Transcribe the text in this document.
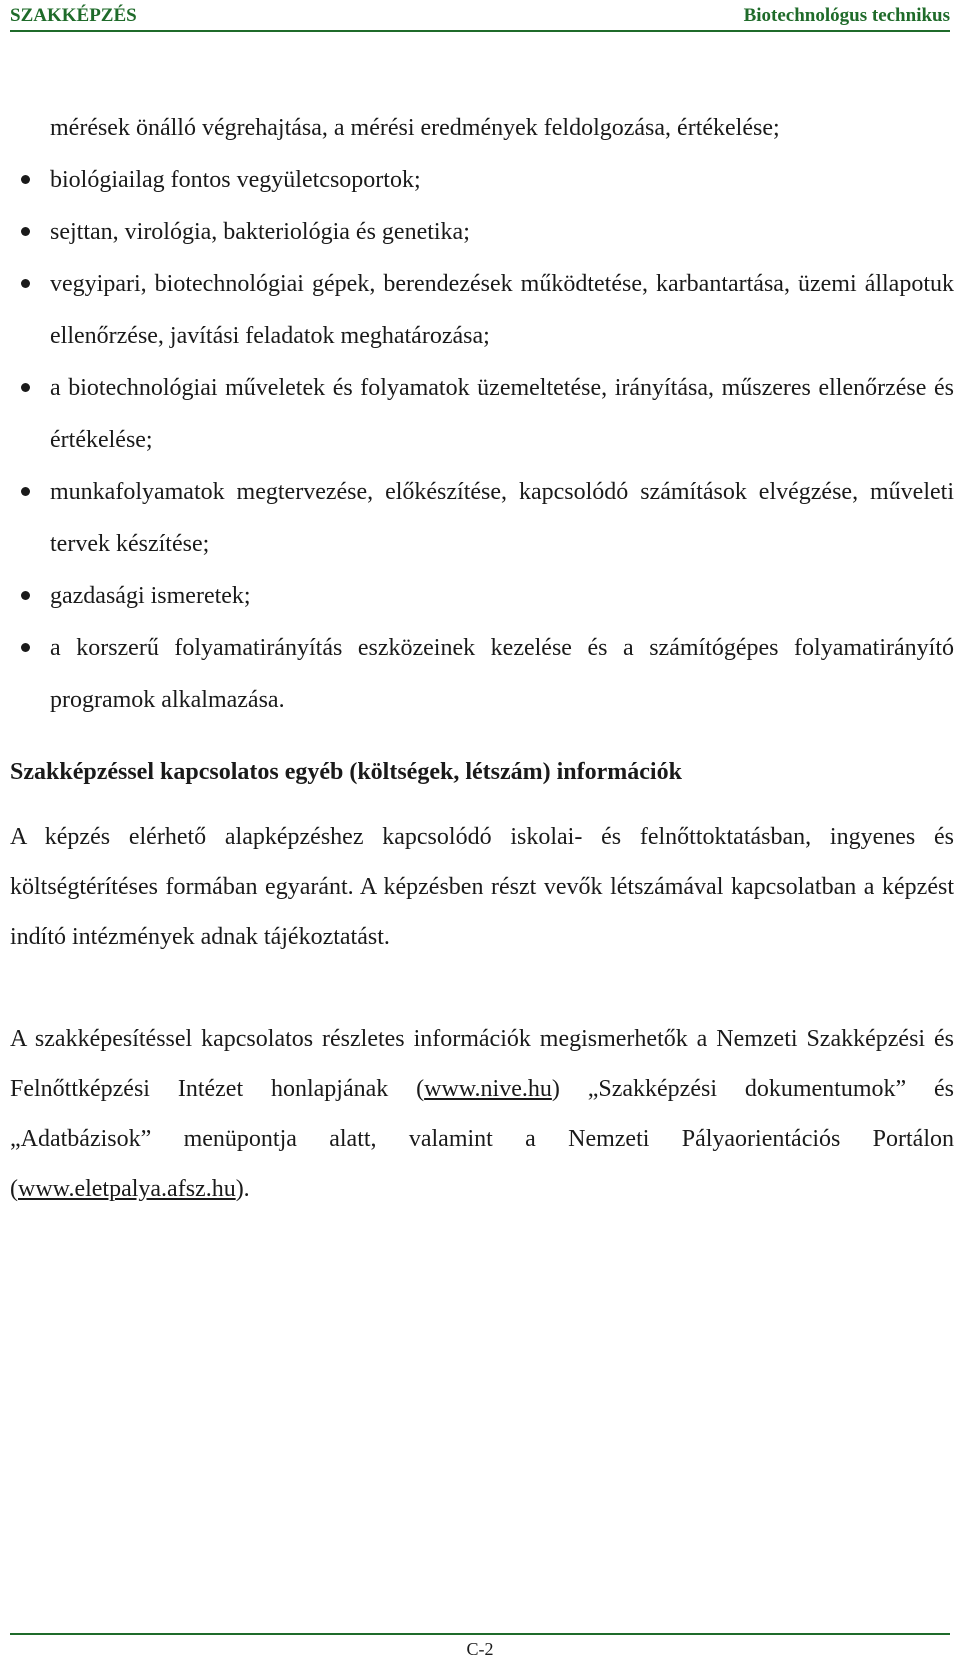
SZAKKÉPZÉS	Biotechnológus technikus
mérések önálló végrehajtása, a mérési eredmények feldolgozása, értékelése;
biológiailag fontos vegyületcsoportok;
sejttan, virológia, bakteriológia és genetika;
vegyipari, biotechnológiai gépek, berendezések működtetése, karbantartása, üzemi állapotuk ellenőrzése, javítási feladatok meghatározása;
a biotechnológiai műveletek és folyamatok üzemeltetése, irányítása, műszeres ellenőrzése és értékelése;
munkafolyamatok megtervezése, előkészítése, kapcsolódó számítások elvégzése, műveleti tervek készítése;
gazdasági ismeretek;
a korszerű folyamatirányítás eszközeinek kezelése és a számítógépes folyamatirányító programok alkalmazása.
Szakképzéssel kapcsolatos egyéb (költségek, létszám) információk

A képzés elérhető alapképzéshez kapcsolódó iskolai- és felnőttoktatásban, ingyenes és költségtérítéses formában egyaránt. A képzésben részt vevők létszámával kapcsolatban a képzést indító intézmények adnak tájékoztatást.

A szakképesítéssel kapcsolatos részletes információk megismerhetők a Nemzeti Szakképzési és Felnőttképzési Intézet honlapjának (www.nive.hu) „Szakképzési dokumentumok” és „Adatbázisok” menüpontja alatt, valamint a Nemzeti Pályaorientációs Portálon (www.eletpalya.afsz.hu).

C-2
